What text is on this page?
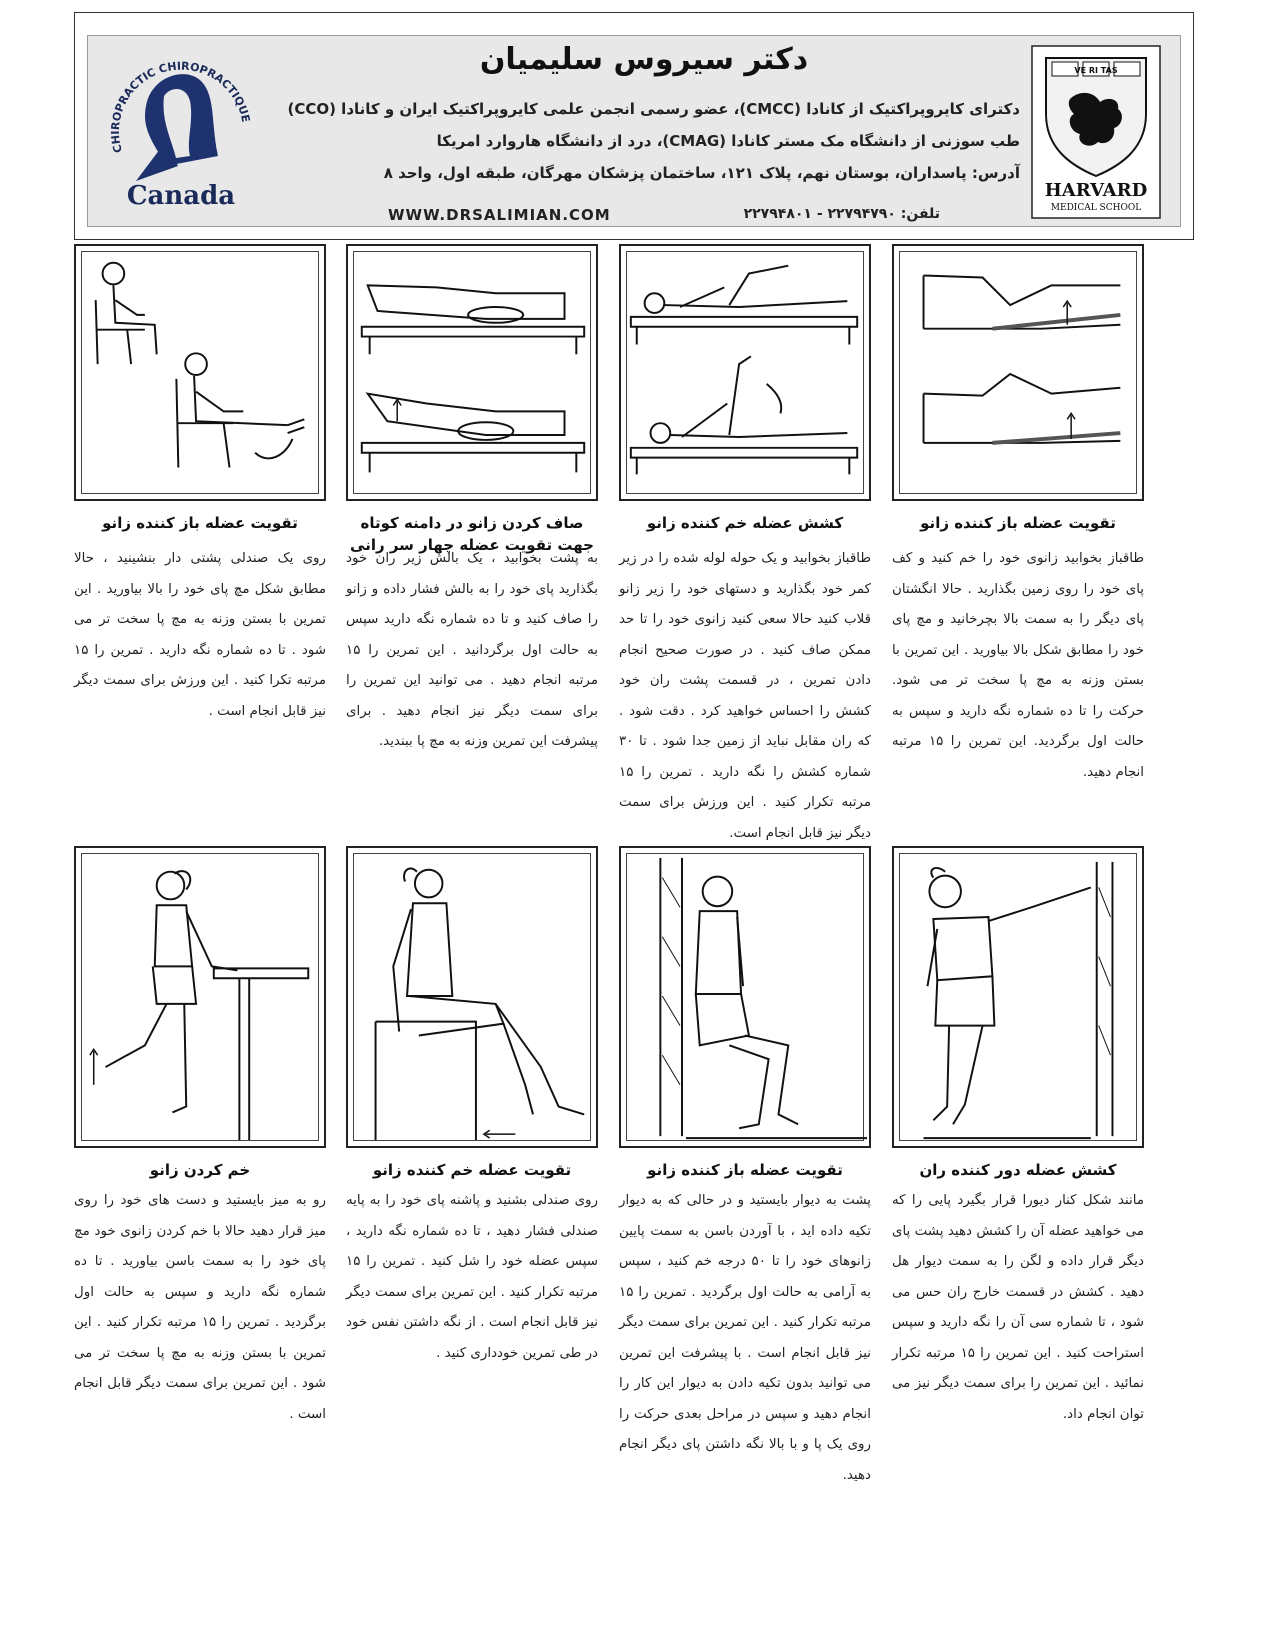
CHIROPRACTIC CHIROPRACTIQUE
Canada
دکتر سیروس سلیمیان
دکترای کایروپراکتیک از کانادا (CMCC)، عضو رسمی انجمن علمی کایروپراکتیک ایران و کانادا (CCO)
طب سوزنی از دانشگاه مک مستر کانادا (CMAG)، درد از دانشگاه هاروارد امریکا
آدرس: پاسداران، بوستان نهم، پلاک ۱۲۱، ساختمان پزشکان مهرگان، طبقه اول، واحد ۸
WWW.DRSALIMIAN.COM	تلفن: ۲۲۷۹۴۷۹۰ - ۲۲۷۹۴۸۰۱
VE RI TAS
HARVARD
MEDICAL SCHOOL
تقویت عضله باز کننده زانو
روی یک صندلی پشتی دار بنشینید ، حالا مطابق شکل مچ پای خود را بالا بیاورید . این تمرین با بستن وزنه به مچ پا سخت تر می شود . تا ده شماره نگه دارید . تمرین را ۱۵ مرتبه تکرا کنید . این ورزش برای سمت دیگر نیز قابل انجام است .
صاف کردن زانو در دامنه کوتاه جهت تقویت عضله چهار سر رانی
به پشت بخوابید ، یک بالش زیر ران خود بگذارید پای خود را به بالش فشار داده و زانو را صاف کنید و تا ده شماره نگه دارید سپس به حالت اول برگردانید . این تمرین را ۱۵ مرتبه انجام دهید . می توانید این تمرین را برای سمت دیگر نیز انجام دهید . برای پیشرفت این تمرین وزنه به مچ پا ببندید.
کشش عضله خم کننده زانو
طاقباز بخوابید و یک حوله لوله شده را در زیر کمر خود بگذارید و دستهای خود را زیر زانو قلاب کنید حالا سعی کنید زانوی خود را تا حد ممکن صاف کنید . در صورت صحیح انجام دادن تمرین ، در قسمت پشت ران خود کشش را احساس خواهید کرد . دقت شود . که ران مقابل نباید از زمین جدا شود . تا ۳۰ شماره کشش را نگه دارید . تمرین را ۱۵ مرتبه تکرار کنید . این ورزش برای سمت دیگر نیز قابل انجام است.
تقویت عضله باز کننده زانو
طاقباز بخوابید زانوی خود را خم کنید و کف پای خود را روی زمین بگذارید . حالا انگشتان پای دیگر را به سمت بالا بچرخانید و مچ پای خود را مطابق شکل بالا بیاورید . این تمرین با بستن وزنه به مچ پا سخت تر می شود. حرکت را تا ده شماره نگه دارید و سپس به حالت اول برگردید. این تمرین را ۱۵ مرتبه انجام دهید.
خم کردن زانو
رو به میز بایستید و دست های خود را روی میز قرار دهید حالا با خم کردن زانوی خود مچ پای خود را به سمت باسن بیاورید . تا ده شماره نگه دارید و سپس به حالت اول برگردید . تمرین را ۱۵ مرتبه تکرار کنید . این تمرین با بستن وزنه به مچ پا سخت تر می شود . این تمرین برای سمت دیگر قابل انجام است .
تقویت عضله خم کننده زانو
روی صندلی بشنید و پاشنه پای خود را به پایه صندلی فشار دهید ، تا ده شماره نگه دارید ، سپس عضله خود را شل کنید . تمرین را ۱۵ مرتبه تکرار کنید . این تمرین برای سمت دیگر نیز قابل انجام است . از نگه داشتن نفس خود در طی تمرین خودداری کنید .
تقویت عضله باز کننده زانو
پشت به دیوار بایستید و در حالی که به دیوار تکیه داده اید ، با آوردن باسن به سمت پایین زانوهای خود را تا ۵۰ درجه خم کنید ، سپس به آرامی به حالت اول برگردید . تمرین را ۱۵ مرتبه تکرار کنید . این تمرین برای سمت دیگر نیز قابل انجام است . با پیشرفت این تمرین می توانید بدون تکیه دادن به دیوار این کار را انجام دهید و سپس در مراحل بعدی حرکت را روی یک پا و با بالا نگه داشتن پای دیگر انجام دهید.
کشش عضله دور کننده ران
مانند شکل کنار دیورا قرار بگیرد پایی را که می خواهید عضله آن را کشش دهید پشت پای دیگر قرار داده و لگن را به سمت دیوار هل دهید . کشش در قسمت خارج ران حس می شود ، تا شماره سی آن را نگه دارید و سپس استراحت کنید . این تمرین را ۱۵ مرتبه تکرار نمائید . این تمرین را برای سمت دیگر نیز می توان انجام داد.
